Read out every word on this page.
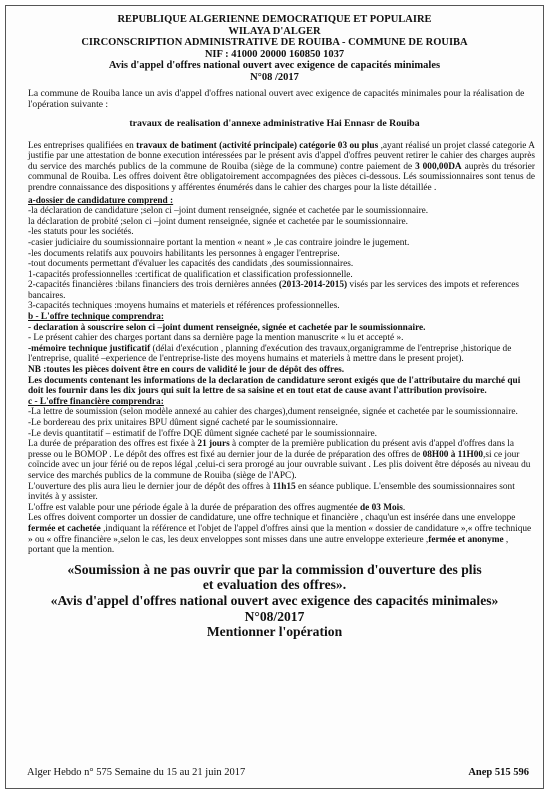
REPUBLIQUE ALGERIENNE DEMOCRATIQUE ET POPULAIRE
WILAYA D'ALGER
CIRCONSCRIPTION ADMINISTRATIVE DE ROUIBA - COMMUNE DE ROUIBA
NIF : 41000 20000 160850 1037
Avis d'appel d'offres national ouvert avec exigence de capacités minimales
N°08 /2017
La commune de Rouiba lance un avis d'appel d'offres national ouvert avec exigence de capacités minimales pour la réalisation de l'opération suivante :
travaux de realisation d'annexe administrative Hai Ennasr de Rouiba

Les entreprises qualifiées en travaux de batiment (activité principale) catégorie 03 ou plus ,ayant réalisé un projet classé categorie A justifie par une attestation de bonne execution intéressées par le présent avis d'appel d'offres peuvent retirer le cahier des charges auprès du service des marchés publics de la commune de Rouiba (siège de la commune) contre paiement de 3 000,00DA auprès du trésorier communal de Rouiba. Les offres doivent être obligatoirement accompagnées des pièces ci-dessous. Lés soumissionnaires sont tenus de prendre connaissance des dispositions y afférentes énumérés dans le cahier des charges pour la liste détaillée .

a-dossier de candidature comprend :

-la déclaration de candidature ;selon ci –joint dument renseignée, signée et cachetée par le soumissionnaire.

la déclaration de probité ;selon ci –joint dument renseignée, signée et cachetée par le soumissionnaire.

-les statuts pour les sociétés.

-casier judiciaire du soumissionnaire portant la mention « neant » ,le cas contraire joindre le jugement.

-les documents relatifs aux pouvoirs habilitants les personnes à engager l'entreprise.

-tout documents permettant d'évaluer les capacités des candidats ,des soumissionnaires.

1-capacités professionnelles :certificat de qualification et classification professionnelle.

2-capacités financières :bilans financiers des trois dernières années (2013-2014-2015) visés par les services des impots et references bancaires.

3-capacités techniques :moyens humains et materiels et références professionnelles.

b - L'offre technique comprendra:

- declaration à souscrire selon ci –joint dument renseignée, signée et cachetée par le soumissionnaire.

- Le présent cahier des charges portant dans sa dernière page la mention manuscrite « lu et accepté ».

-mémoire technique justificatif (délai d'exécution , planning d'exécution des travaux,organigramme de l'entreprise ,historique de l'entreprise, qualité –experience de l'entreprise-liste des moyens humains et materiels à mettre dans le present projet).

NB :toutes les pièces doivent être en cours de validité le jour de dépôt des offres.

Les documents contenant les informations de la declaration de candidature seront exigés que de l'attributaire du marché qui doit les fournir dans les dix jours qui suit la lettre de sa saisine et en tout etat de cause avant l'attribution provisoire.

c - L'offre financière comprendra:

-La lettre de soumission (selon modèle annexé au cahier des charges),dument renseignée, signée et cachetée par le soumissionnaire.

-Le bordereau des prix unitaires BPU dûment signé cacheté par le soumissionnaire.

-Le devis quantitatif – estimatif de l'offre DQE dûment signée cacheté par le soumissionnaire.

La durée de préparation des offres est fixée à 21 jours à compter de la première publication du présent avis d'appel d'offres dans la presse ou le BOMOP . Le dépôt des offres est fixé au dernier jour de la durée de préparation des offres de 08H00 à 11H00,si ce jour coïncide avec un jour férié ou de repos légal ,celui-ci sera prorogé au jour ouvrable suivant . Les plis doivent être déposés au niveau du service des marchés publics de la commune de Rouiba (siège de l'APC).

L'ouverture des plis aura lieu le dernier jour de dépôt des offres à 11h15 en séance publique. L'ensemble des soumissionnaires sont invités à y assister.

L'offre est valable pour une période égale à la durée de préparation des offres augmentée de 03 Mois.

Les offres doivent comporter un dossier de candidature, une offre technique et financière , chaqu'un est insérée dans une enveloppe fermée et cachetée ,indiquant la référence et l'objet de l'appel d'offres ainsi que la mention « dossier de candidature »,« offre technique » ou « offre financière »,selon le cas, les deux enveloppes sont misses dans une autre enveloppe exterieure ,fermée et anonyme , portant que la mention.

«Soumission à ne pas ouvrir que par la commission d'ouverture des plis
et evaluation des offres».
«Avis d'appel d'offres national ouvert avec exigence des capacités minimales»
N°08/2017
Mentionner l'opération
Alger Hebdo n° 575 Semaine du 15 au 21 juin 2017	Anep 515 596
